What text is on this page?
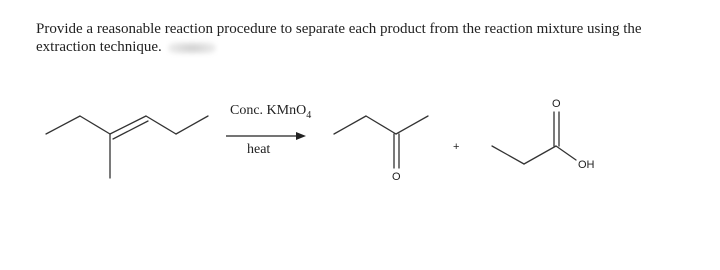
Provide a reasonable reaction procedure to separate each product from the reaction mixture using the extraction technique.
Conc. KMnO$_4$
heat
O
+
O
OH
